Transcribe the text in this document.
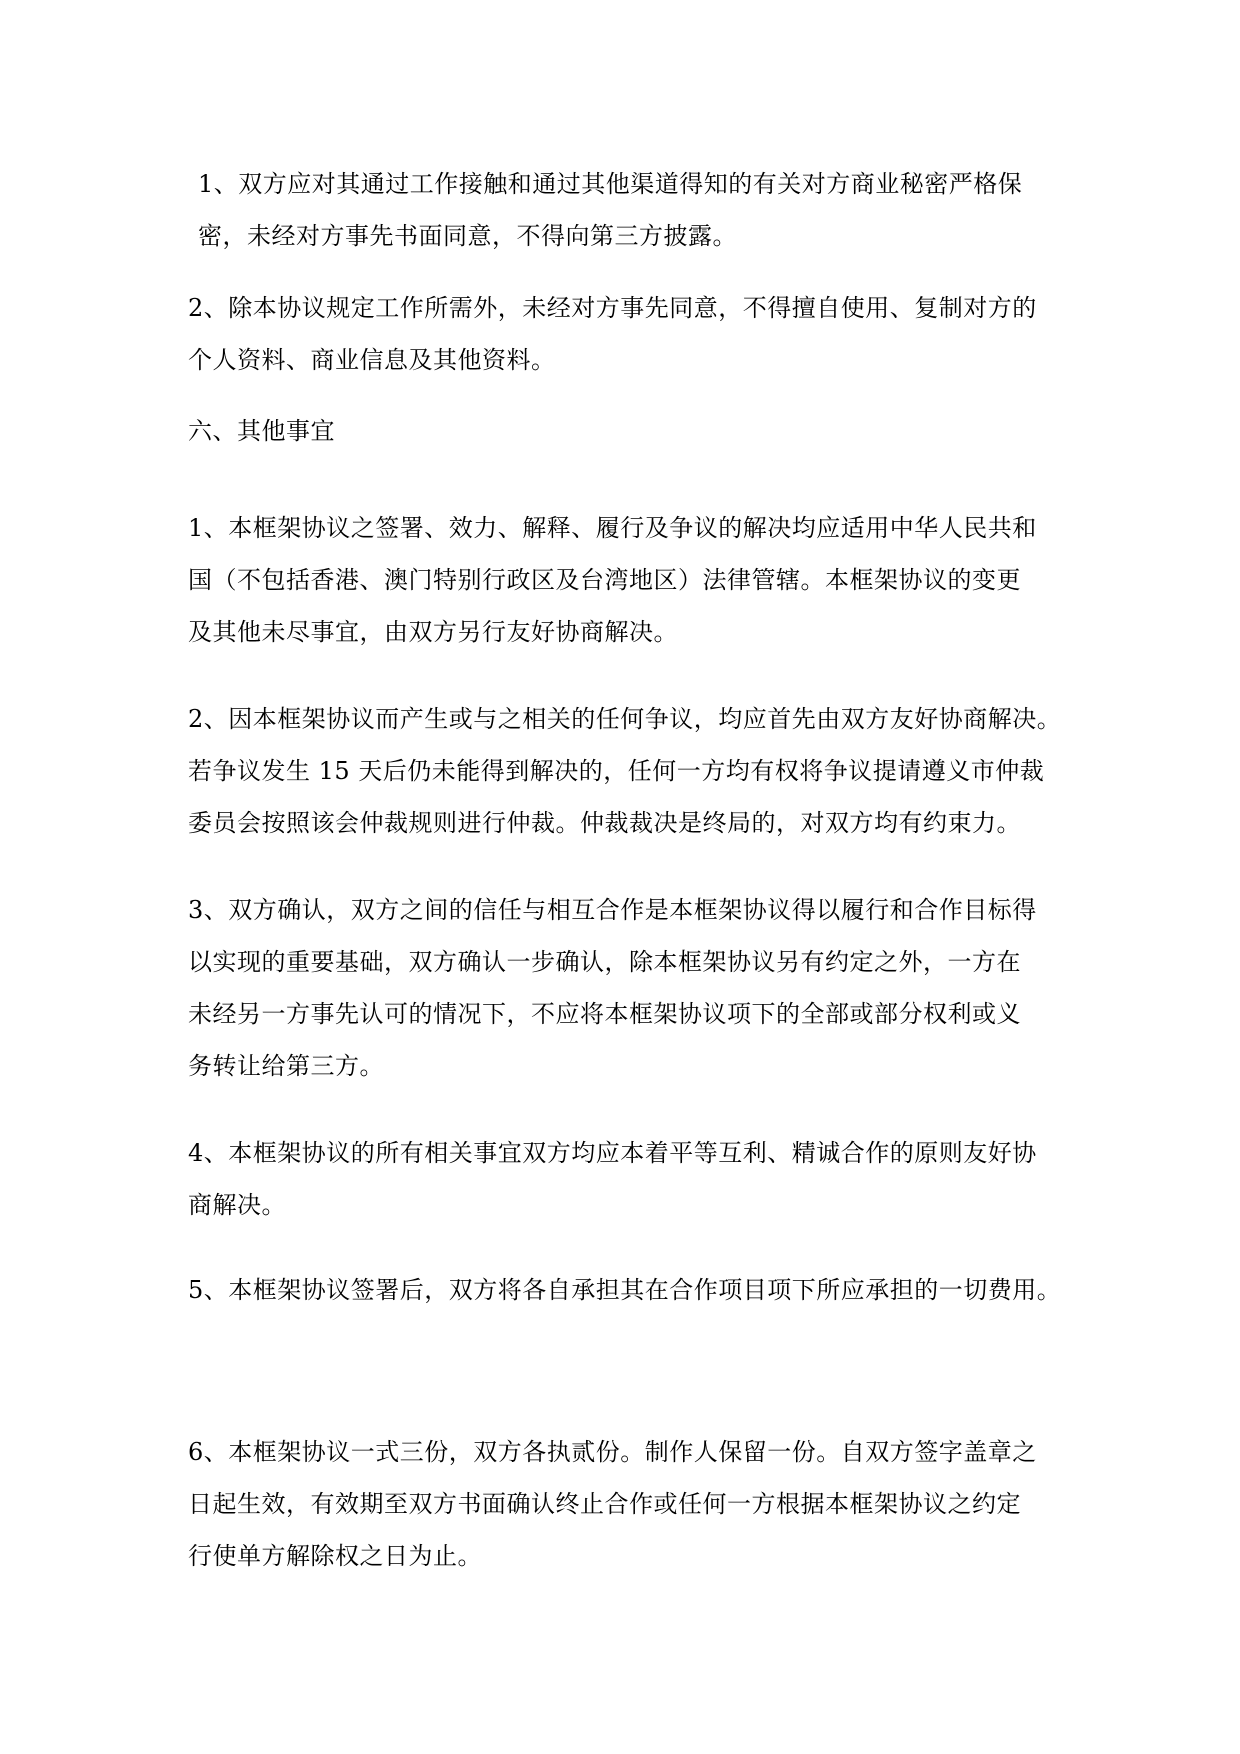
1、双方应对其通过工作接触和通过其他渠道得知的有关对方商业秘密严格保
密，未经对方事先书面同意，不得向第三方披露。
2、除本协议规定工作所需外，未经对方事先同意，不得擅自使用、复制对方的
个人资料、商业信息及其他资料。
六、其他事宜
1、本框架协议之签署、效力、解释、履行及争议的解决均应适用中华人民共和
国（不包括香港、澳门特别行政区及台湾地区）法律管辖。本框架协议的变更
及其他未尽事宜，由双方另行友好协商解决。
2、因本框架协议而产生或与之相关的任何争议，均应首先由双方友好协商解决。
若争议发生 15 天后仍未能得到解决的，任何一方均有权将争议提请遵义市仲裁
委员会按照该会仲裁规则进行仲裁。仲裁裁决是终局的，对双方均有约束力。
3、双方确认，双方之间的信任与相互合作是本框架协议得以履行和合作目标得
以实现的重要基础，双方确认一步确认，除本框架协议另有约定之外，一方在
未经另一方事先认可的情况下，不应将本框架协议项下的全部或部分权利或义
务转让给第三方。
4、本框架协议的所有相关事宜双方均应本着平等互利、精诚合作的原则友好协
商解决。
5、本框架协议签署后，双方将各自承担其在合作项目项下所应承担的一切费用。
6、本框架协议一式三份，双方各执贰份。制作人保留一份。自双方签字盖章之
日起生效，有效期至双方书面确认终止合作或任何一方根据本框架协议之约定
行使单方解除权之日为止。
